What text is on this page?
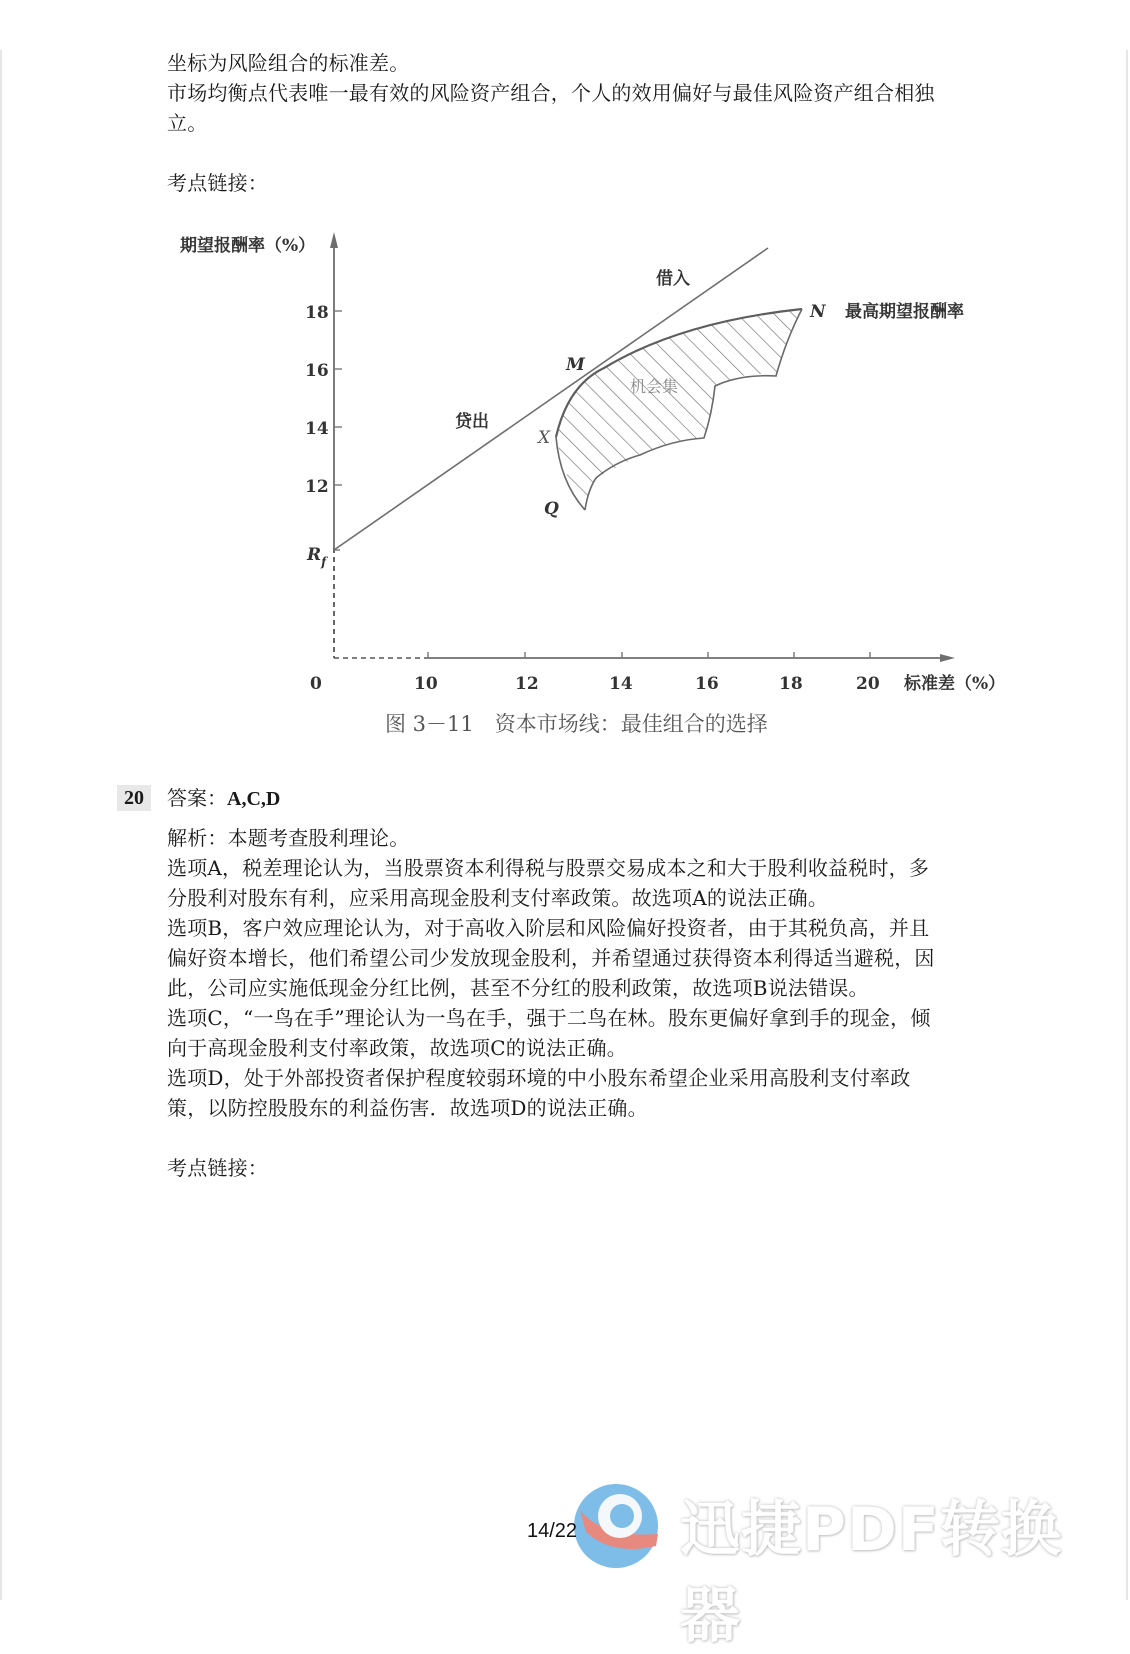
坐标为风险组合的标准差。
市场均衡点代表唯一最有效的风险资产组合，个人的效用偏好与最佳风险资产组合相独
立。
考点链接：
期望报酬率（%）
标准差（%）
18
16
14
12
$R_f$
0	10	12	14	16	18	20
借入
贷出
机会集
最高期望报酬率
M
N
X
Q
图 3－11　资本市场线：最佳组合的选择
20	答案：A,C,D
解析：本题考查股利理论。
选项A，税差理论认为，当股票资本利得税与股票交易成本之和大于股利收益税时，多
分股利对股东有利，应采用高现金股利支付率政策。故选项A的说法正确。
选项B，客户效应理论认为，对于高收入阶层和风险偏好投资者，由于其税负高，并且
偏好资本增长，他们希望公司少发放现金股利，并希望通过获得资本利得适当避税，因
此，公司应实施低现金分红比例，甚至不分红的股利政策，故选项B说法错误。
选项C，“一鸟在手”理论认为一鸟在手，强于二鸟在林。股东更偏好拿到手的现金，倾
向于高现金股利支付率政策，故选项C的说法正确。
选项D，处于外部投资者保护程度较弱环境的中小股东希望企业采用高股利支付率政
策，以防控股股东的利益伤害．故选项D的说法正确。
考点链接：
迅捷PDF转换器
14/22
